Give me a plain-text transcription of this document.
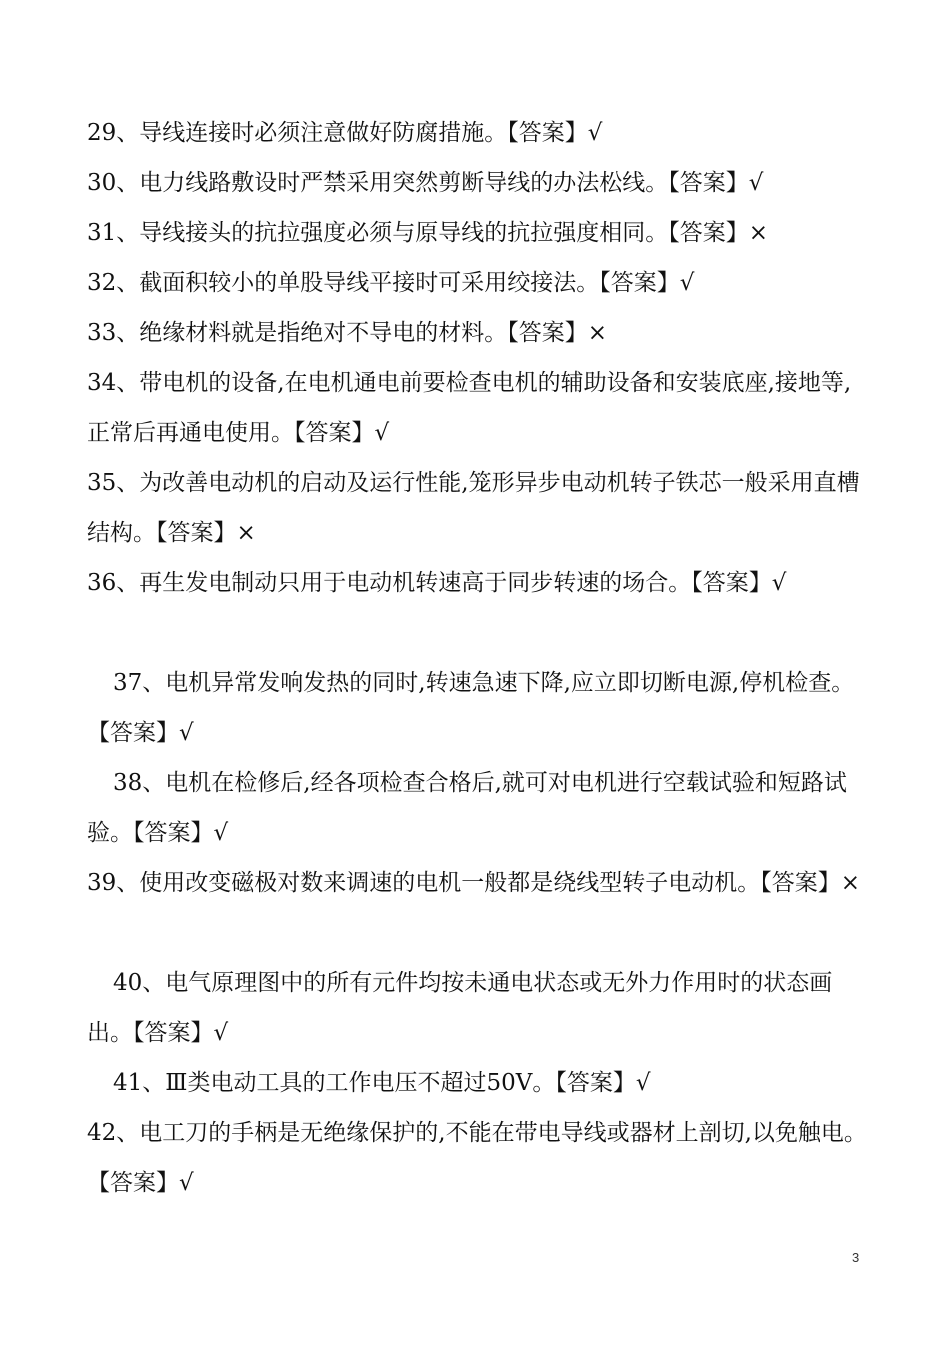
29、导线连接时必须注意做好防腐措施。【答案】√

30、电力线路敷设时严禁采用突然剪断导线的办法松线。【答案】√

31、导线接头的抗拉强度必须与原导线的抗拉强度相同。【答案】×

32、截面积较小的单股导线平接时可采用绞接法。【答案】√

33、绝缘材料就是指绝对不导电的材料。【答案】×

34、带电机的设备,在电机通电前要检查电机的辅助设备和安装底座,接地等,正常后再通电使用。【答案】√

35、为改善电动机的启动及运行性能,笼形异步电动机转子铁芯一般采用直槽结构。【答案】×

36、再生发电制动只用于电动机转速高于同步转速的场合。【答案】√

37、电机异常发响发热的同时,转速急速下降,应立即切断电源,停机检查。【答案】√

38、电机在检修后,经各项检查合格后,就可对电机进行空载试验和短路试验。【答案】√

39、使用改变磁极对数来调速的电机一般都是绕线型转子电动机。【答案】×

40、电气原理图中的所有元件均按未通电状态或无外力作用时的状态画出。【答案】√

41、Ⅲ类电动工具的工作电压不超过50V。【答案】√

42、电工刀的手柄是无绝缘保护的,不能在带电导线或器材上剖切,以免触电。【答案】√

3
